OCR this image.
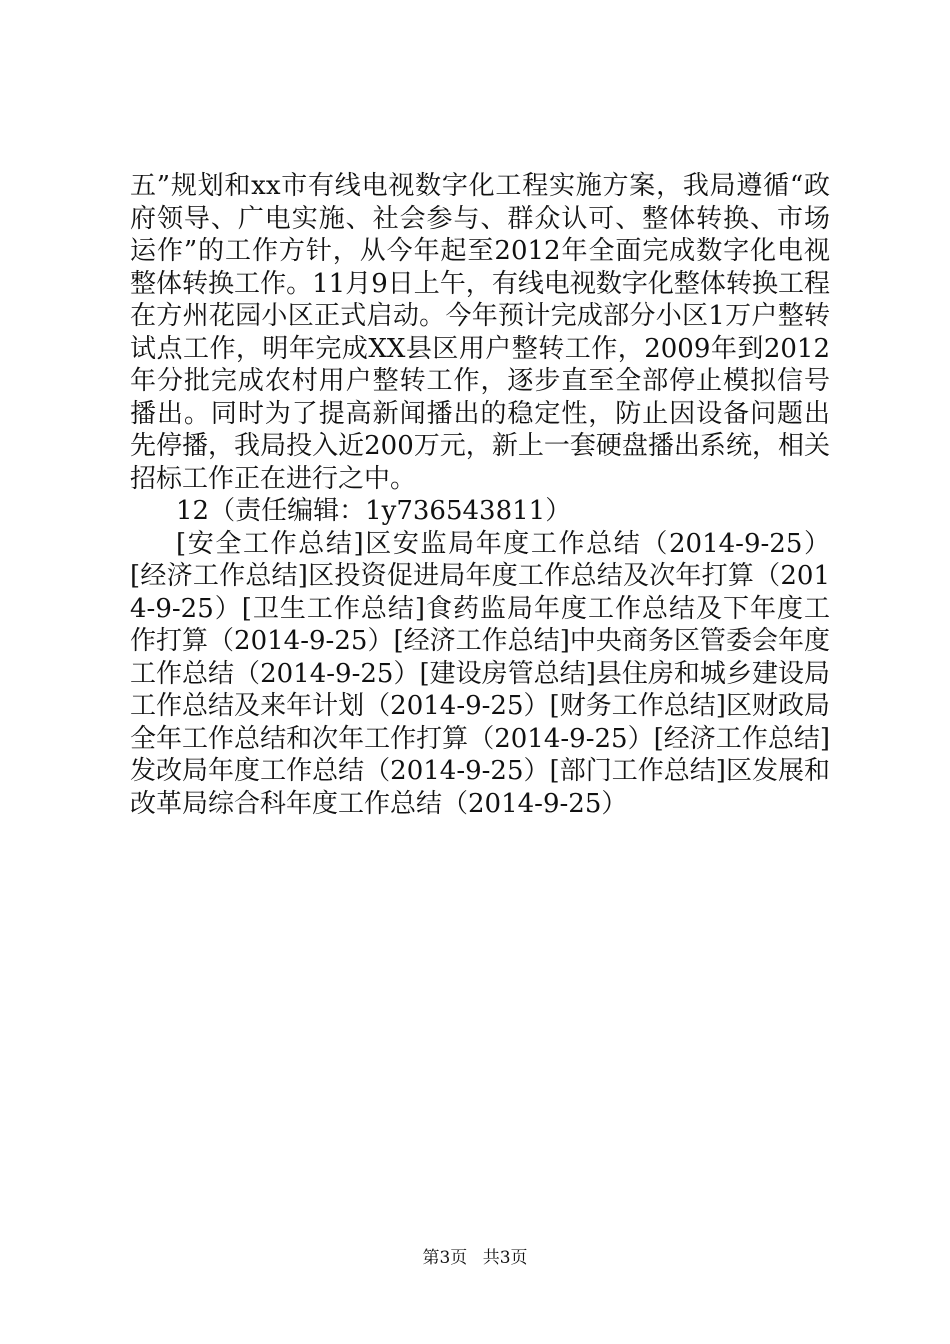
五”规划和xx市有线电视数字化工程实施方案，我局遵循“政府领导、广电实施、社会参与、群众认可、整体转换、市场运作”的工作方针，从今年起至2012年全面完成数字化电视整体转换工作。11月9日上午，有线电视数字化整体转换工程在方州花园小区正式启动。今年预计完成部分小区1万户整转试点工作，明年完成XX县区用户整转工作，2009年到2012年分批完成农村用户整转工作，逐步直至全部停止模拟信号播出。同时为了提高新闻播出的稳定性，防止因设备问题出先停播，我局投入近200万元，新上一套硬盘播出系统，相关招标工作正在进行之中。

12（责任编辑：1y736543811）

[安全工作总结]区安监局年度工作总结（2014-9-25）[经济工作总结]区投资促进局年度工作总结及次年打算（2014-9-25）[卫生工作总结]食药监局年度工作总结及下年度工作打算（2014-9-25）[经济工作总结]中央商务区管委会年度工作总结（2014-9-25）[建设房管总结]县住房和城乡建设局工作总结及来年计划（2014-9-25）[财务工作总结]区财政局全年工作总结和次年工作打算（2014-9-25）[经济工作总结]发改局年度工作总结（2014-9-25）[部门工作总结]区发展和改革局综合科年度工作总结（2014-9-25）

第3页 共3页
